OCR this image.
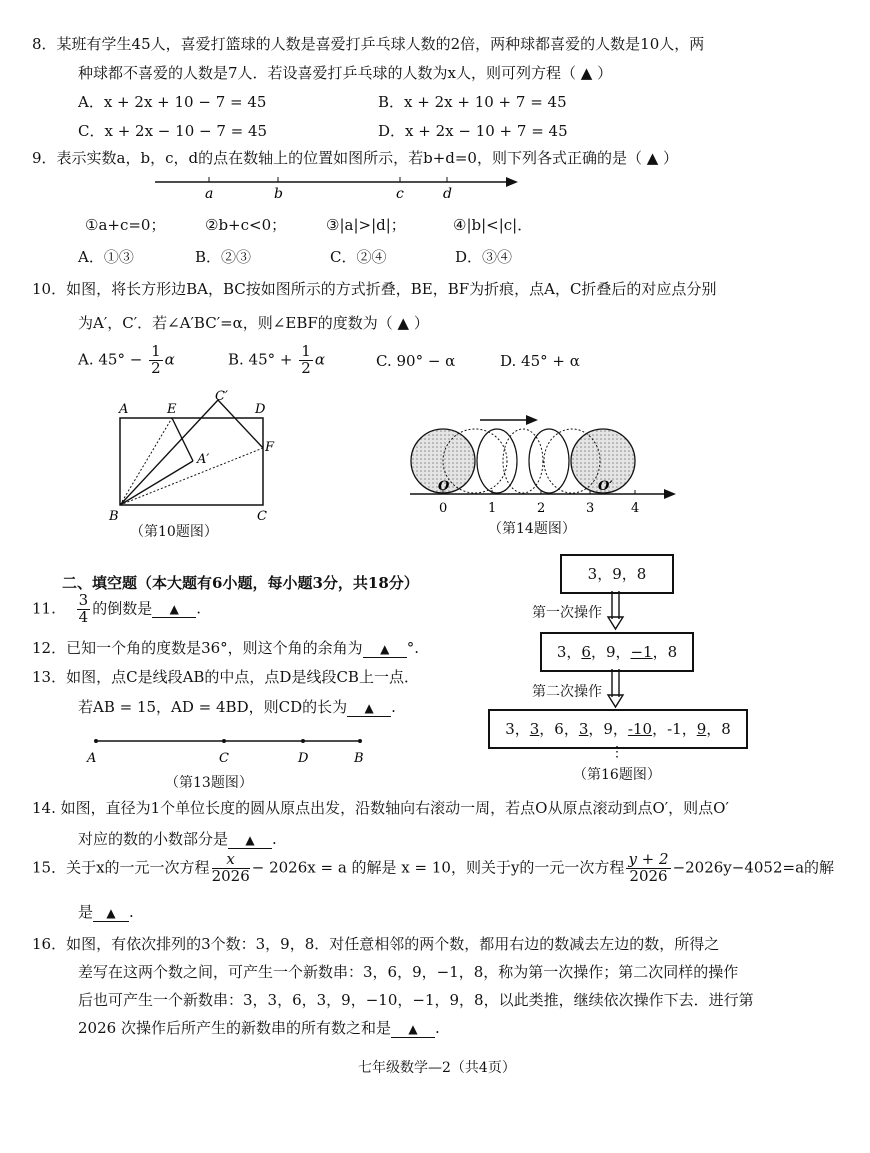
8．某班有学生45人，喜爱打篮球的人数是喜爱打乒乓球人数的2倍，两种球都喜爱的人数是10人，两
种球都不喜爱的人数是7人．若设喜爱打乒乓球的人数为x人，则可列方程（ ▲ ）
A．x + 2x + 10 − 7 = 45	B．x + 2x + 10 + 7 = 45
C．x + 2x − 10 − 7 = 45	D．x + 2x − 10 + 7 = 45
9．表示实数a，b，c，d的点在数轴上的位置如图所示，若b+d=0，则下列各式正确的是（ ▲ ）
a	b	c	d
①a+c=0；	②b+c<0；	③|a|>|d|；	④|b|<|c|．
A．①③	B．②③	C．②④	D．③④
10．如图，将长方形边BA，BC按如图所示的方式折叠，BE，BF为折痕，点A，C折叠后的对应点分别
为A′，C′．若∠A′BC′=α，则∠EBF的度数为（ ▲ ）
A. $45^\circ - \frac{1}{2}$ α	B. $45^\circ + \frac{1}{2}$ α	C. 90° − α	D. 45° + α
A	E
C′
D
A′
F
B	C
（第10题图）
O	O′
0	1	2	3	4
（第14题图）
二、填空题（本大题有6小题，每小题3分，共18分）
11. $\frac{3}{4}$ 的倒数是 ▲ .
12．已知一个角的度数是36°，则这个角的余角为 ▲ °.
13．如图，点C是线段AB的中点，点D是线段CB上一点．
若AB = 15，AD = 4BD，则CD的长为 ▲ .
A	C	D	B
（第13题图）
3，9，8
第一次操作
3，6，9，−1，8
第二次操作
3，3，6，3，9，-10，-1，9，8
⋮
（第16题图）
14. 如图，直径为1个单位长度的圆从原点出发，沿数轴向右滚动一周，若点O从原点滚动到点O′，则点O′
对应的数的小数部分是 ▲ .
15．关于x的一元一次方程 $\frac{x}{2026} - 2026x = a$ 的解是 x = 10，则关于y的一元一次方程 $\frac{y + 2}{2026} -2026y-4052=a$的解
是 ▲ .
16．如图，有依次排列的3个数：3，9，8．对任意相邻的两个数，都用右边的数减去左边的数，所得之
差写在这两个数之间，可产生一个新数串：3，6，9，−1，8，称为第一次操作；第二次同样的操作
后也可产生一个新数串：3，3，6，3，9，−10，−1，9，8，以此类推，继续依次操作下去．进行第
2026 次操作后所产生的新数串的所有数之和是 ▲ .
七年级数学—2（共4页）
